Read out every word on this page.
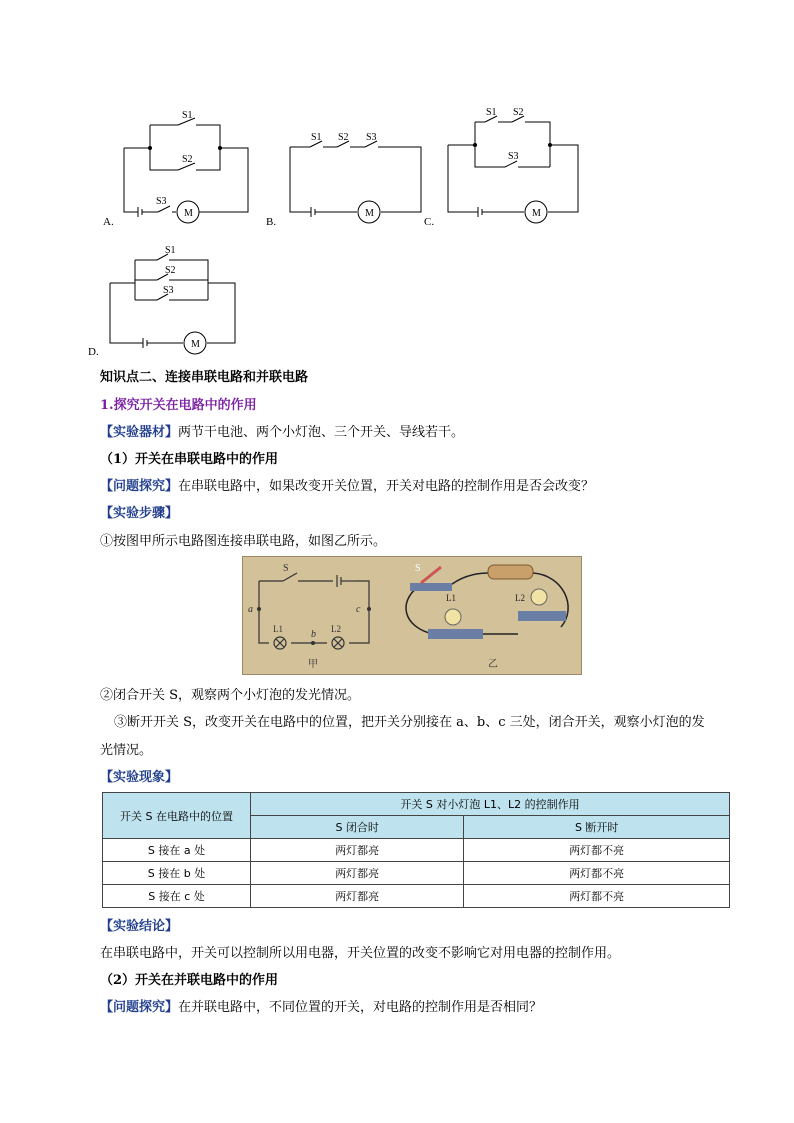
S1
S2
S3
M
A.
S1 S2 S3
M
B.
S1 S2
S3
M
C.
S1
S2
S3
M
D.
知识点二、连接串联电路和并联电路
1.探究开关在电路中的作用
【实验器材】两节干电池、两个小灯泡、三个开关、导线若干。
（1）开关在串联电路中的作用
【问题探究】在串联电路中，如果改变开关位置，开关对电路的控制作用是否会改变？
【实验步骤】
①按图甲所示电路图连接串联电路，如图乙所示。
S
a
b
c
L1	L2
甲
S
L1	L2
乙
②闭合开关 S，观察两个小灯泡的发光情况。
③断开开关 S，改变开关在电路中的位置，把开关分别接在 a、b、c 三处，闭合开关，观察小灯泡的发
光情况。
【实验现象】
开关 S 在电路中的位置	开关 S 对小灯泡 L1、L2 的控制作用	
	S 闭合时	S 断开时
S 接在 a 处	两灯都亮	两灯都不亮
S 接在 b 处	两灯都亮	两灯都不亮
S 接在 c 处	两灯都亮	两灯都不亮
【实验结论】
在串联电路中，开关可以控制所以用电器，开关位置的改变不影响它对用电器的控制作用。
（2）开关在并联电路中的作用
【问题探究】在并联电路中，不同位置的开关，对电路的控制作用是否相同？
